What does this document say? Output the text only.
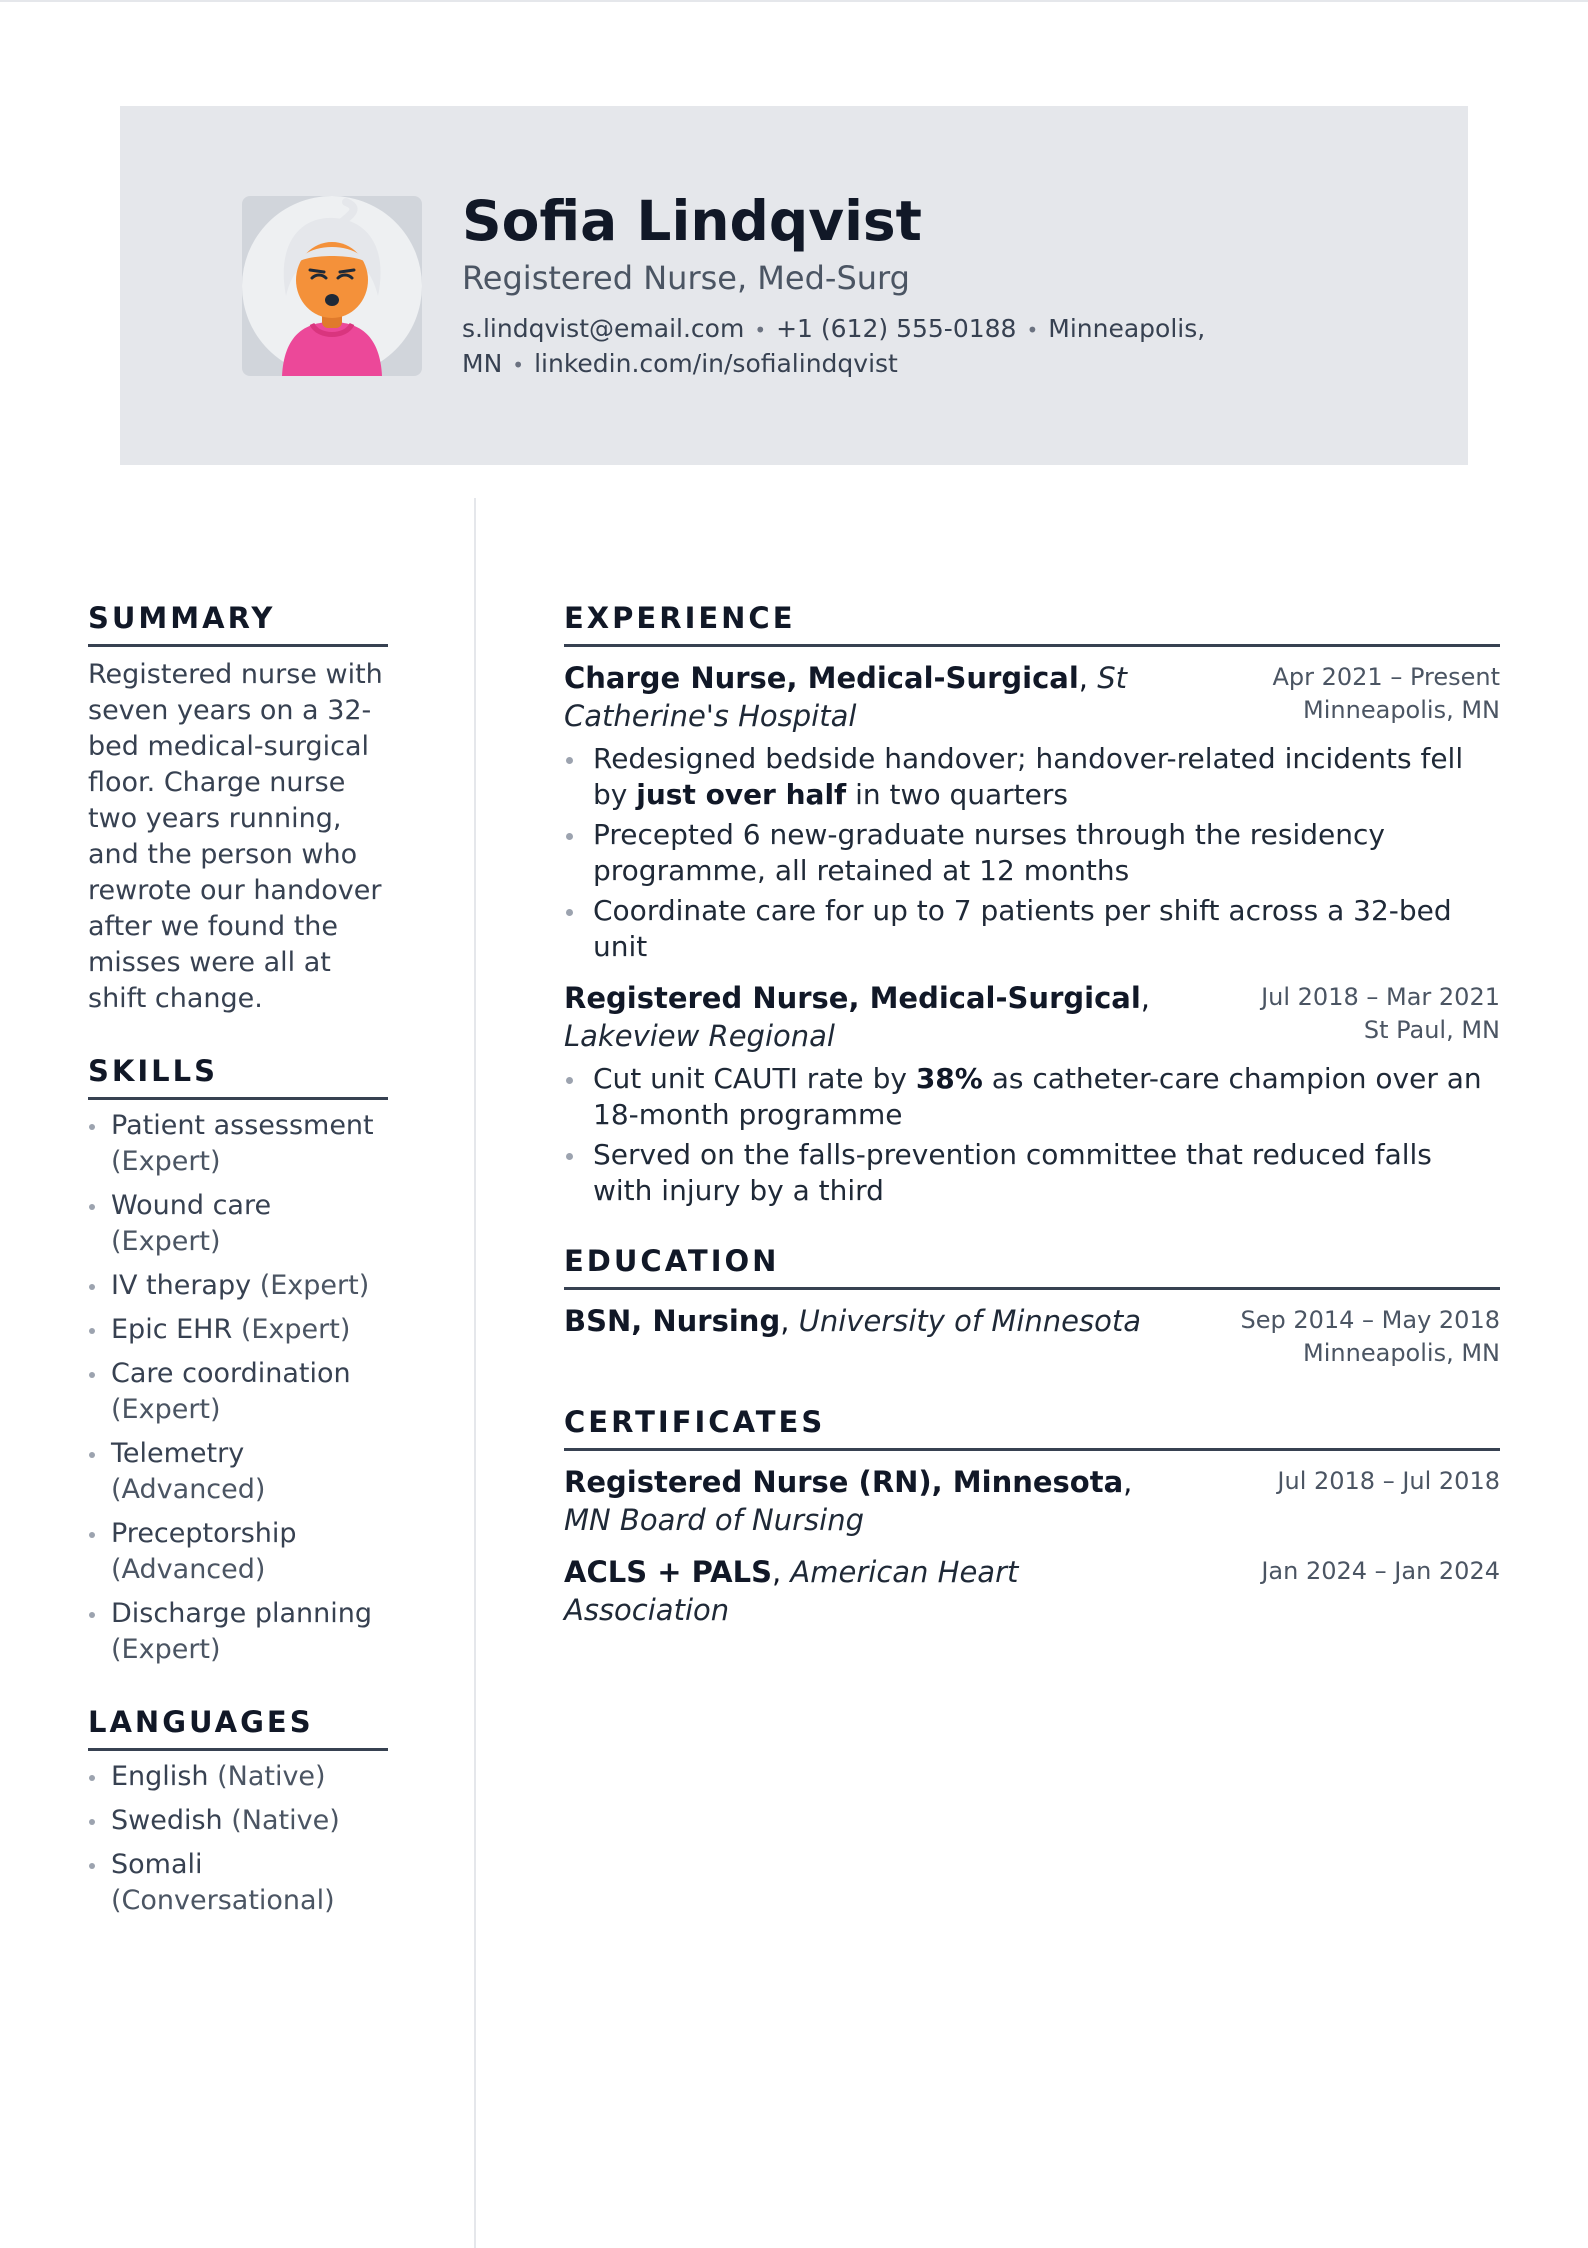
Sofia Lindqvist
Registered Nurse, Med-Surg
s.lindqvist@email.com • +1 (612) 555-0188 • Minneapolis, MN • linkedin.com/in/sofialindqvist
SUMMARY

Registered nurse with seven years on a 32-bed medical-surgical floor. Charge nurse two years running, and the person who rewrote our handover after we found the misses were all at shift change.

SKILLS
Patient assessment (Expert)
Wound care (Expert)
IV therapy (Expert)
Epic EHR (Expert)
Care coordination (Expert)
Telemetry (Advanced)
Preceptorship (Advanced)
Discharge planning (Expert)
LANGUAGES
English (Native)
Swedish (Native)
Somali (Conversational)
EXPERIENCE
Charge Nurse, Medical-Surgical, St Catherine's Hospital
Apr 2021 – Present
Minneapolis, MN
Redesigned bedside handover; handover-related incidents fell by just over half in two quarters
Precepted 6 new-graduate nurses through the residency programme, all retained at 12 months
Coordinate care for up to 7 patients per shift across a 32-bed unit
Registered Nurse, Medical-Surgical, Lakeview Regional
Jul 2018 – Mar 2021
St Paul, MN
Cut unit CAUTI rate by 38% as catheter-care champion over an 18-month programme
Served on the falls-prevention committee that reduced falls with injury by a third
EDUCATION
BSN, Nursing, University of Minnesota	Sep 2014 – May 2018
Minneapolis, MN
CERTIFICATES
Registered Nurse (RN), Minnesota, MN Board of Nursing
Jul 2018 – Jul 2018
ACLS + PALS, American Heart Association
Jan 2024 – Jan 2024
